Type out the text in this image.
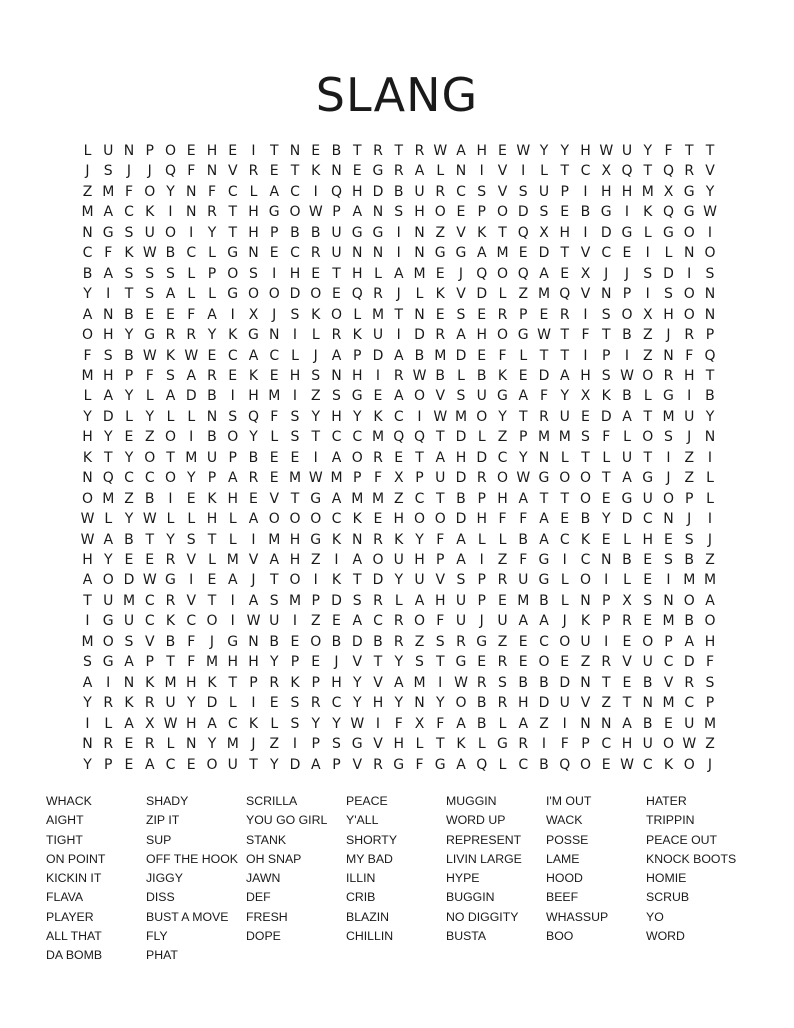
SLANG
L U N P O E H E	I	T N E B T R T R W A H E W Y Y H W U Y F T T
J	S	J	J Q F N V R E T K N E G R A L N I V I	L T C X Q T Q R V
Z M F O Y N F C L A C I Q H D B U R C S V S U P	I H H M X G Y
M A C K	I N R T H G O W P A N S H O E P O D S E B G I	K Q G W
N G S U O I	Y T H P B B U G G I N Z V K T Q X H I D G L G O I
C F K W B C L G N E C R U N N I N G G A M E D T V C E	I	L N O
B A S S S L P O S	I H E T H L A M E	J Q O Q A E X J	J	S D I	S
Y	I	T S A L L G O O D O E Q R J	L K V D L Z M Q V N P	I	S O N
A N B E E F A I X J	S K O L M T N E S E R P E R I	S O X H O N
O H Y G R R Y K G N I	L R K U I D R A H O G W T F T B Z J R P
F S B W K W E C A C L	J A P D A B M D E F L T T	I	P	I Z N F Q
M H P F S A R E K E H S N H I R W B L B K E D A H S W O R H T
L A Y L A D B I H M I Z S G E A O V S U G A F Y X K B L G I B
Y D L Y L L N S Q F S Y H Y K C I W M O Y T R U E D A T M U Y
H Y E Z O I B O Y L S T C C M Q Q T D L Z P M M S F L O S	J N
K T Y O T M U P B E E	I A O R E T A H D C Y N L T L U T	I Z I
N Q C C O Y P A R E M W M P F X P U D R O W G O O T A G J Z L
O M Z B I	E K H E V T G A M M Z C T B P H A T T O E G U O P L
W L Y W L L H L A O O O C K E H O O D H F F A E B Y D C N J	I
W A B T Y S T L	I M H G K N R K Y F A L L B A C K E L H E S	J
H Y E E R V L M V A H Z I A O U H P A I Z F G I C N B E S B Z
A O D W G I	E A J	T O I	K T D Y U V S P R U G L O I	L E	I M M
T U M C R V T	I A S M P D S R L A H U P E M B L N P X S N O A
I G U C K C O I W U I Z E A C R O F U J U A A J	K P R E M B O
M O S V B F	J G N B E O B D B R Z S R G Z E C O U I	E O P A H
S G A P T F M H H Y P E	J V T Y S T G E R E O E Z R V U C D F
A I N K M H K T P R K P H Y V A M I W R S B B D N T E B V R S
Y R K R U Y D L	I	E S R C Y H Y N Y O B R H D U V Z T N M C P
I	L A X W H A C K L S Y Y W I	F X F A B L A Z I N N A B E U M
N R E R L N Y M J Z I	P S G V H L T K L G R I	F P C H U O W Z
Y P E A C E O U T Y D A P V R G F G A Q L C B Q O E W C K O J
WHACK
AIGHT
TIGHT
ON POINT
KICKIN IT
FLAVA
PLAYER
ALL THAT
DA BOMB
SHADY
ZIP IT
SUP
OFF THE HOOK
JIGGY
DISS
BUST A MOVE
FLY
PHAT
SCRILLA
YOU GO GIRL
STANK
OH SNAP
JAWN
DEF
FRESH
DOPE
PEACE
Y'ALL
SHORTY
MY BAD
ILLIN
CRIB
BLAZIN
CHILLIN
MUGGIN
WORD UP
REPRESENT
LIVIN LARGE
HYPE
BUGGIN
NO DIGGITY
BUSTA
I'M OUT
WACK
POSSE
LAME
HOOD
BEEF
WHASSUP
BOO
HATER
TRIPPIN
PEACE OUT
KNOCK BOOTS
HOMIE
SCRUB
YO
WORD
